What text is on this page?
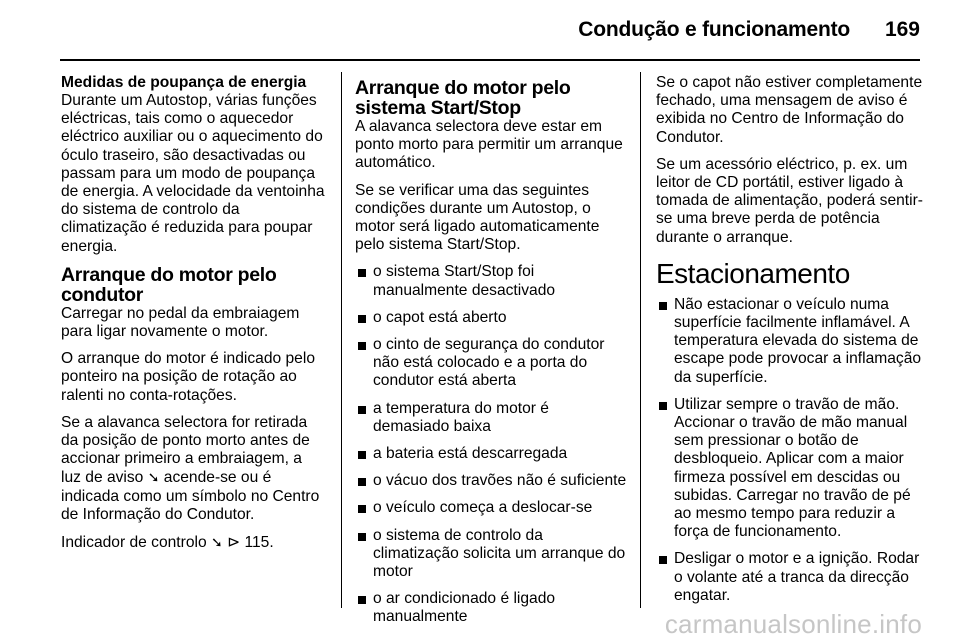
Condução e funcionamento 169
Medidas de poupança de energia

Durante um Autostop, várias funções eléctricas, tais como o aquecedor eléctrico auxiliar ou o aquecimento do óculo traseiro, são desactivadas ou passam para um modo de poupança de energia. A velocidade da ventoinha do sistema de controlo da climatização é reduzida para poupar energia.

Arranque do motor pelo condutor

Carregar no pedal da embraiagem para ligar novamente o motor.

O arranque do motor é indicado pelo ponteiro na posição de rotação ao ralenti no conta-rotações.

Se a alavanca selectora for retirada da posição de ponto morto antes de accionar primeiro a embraiagem, a luz de aviso ➘ acende-se ou é indicada como um símbolo no Centro de Informação do Condutor.

Indicador de controlo ➘ ⊳ 115.

Arranque do motor pelo sistema Start/Stop

A alavanca selectora deve estar em ponto morto para permitir um arranque automático.

Se se verificar uma das seguintes condições durante um Autostop, o motor será ligado automaticamente pelo sistema Start/Stop.

o sistema Start/Stop foi manualmente desactivado
o capot está aberto
o cinto de segurança do condutor não está colocado e a porta do condutor está aberta
a temperatura do motor é demasiado baixa
a bateria está descarregada
o vácuo dos travões não é suficiente
o veículo começa a deslocar-se
o sistema de controlo da climatização solicita um arranque do motor
o ar condicionado é ligado manualmente

Se o capot não estiver completamente fechado, uma mensagem de aviso é exibida no Centro de Informação do Condutor.

Se um acessório eléctrico, p. ex. um leitor de CD portátil, estiver ligado à tomada de alimentação, poderá sentir-se uma breve perda de potência durante o arranque.

Estacionamento
Não estacionar o veículo numa superfície facilmente inflamável. A temperatura elevada do sistema de escape pode provocar a inflamação da superfície.
Utilizar sempre o travão de mão. Accionar o travão de mão manual sem pressionar o botão de desbloqueio. Aplicar com a maior firmeza possível em descidas ou subidas. Carregar no travão de pé ao mesmo tempo para reduzir a força de funcionamento.
Desligar o motor e a ignição. Rodar o volante até a tranca da direcção engatar.
carmanualsonline.info
